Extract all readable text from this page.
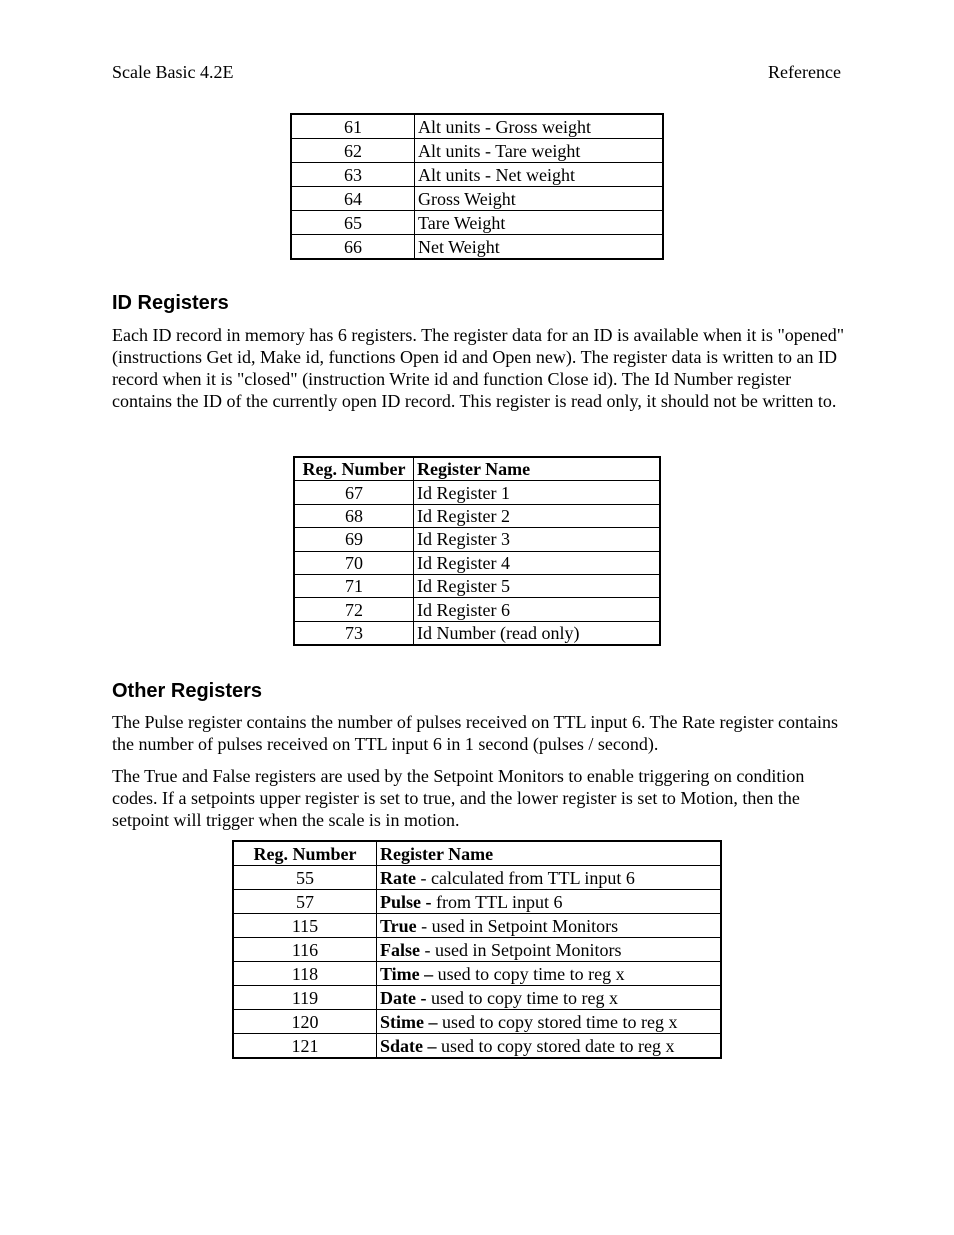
Scale Basic 4.2E	Reference
61	Alt units - Gross weight
62	Alt units - Tare weight
63	Alt units - Net weight
64	Gross Weight
65	Tare Weight
66	Net Weight
ID Registers

Each ID record in memory has 6 registers. The register data for an ID is available when it is "opened" (instructions Get id, Make id, functions Open id and Open new). The register data is written to an ID record when it is "closed" (instruction Write id and function Close id). The Id Number register contains the ID of the currently open ID record. This register is read only, it should not be written to.

Reg. Number	Register Name
67	Id Register 1
68	Id Register 2
69	Id Register 3
70	Id Register 4
71	Id Register 5
72	Id Register 6
73	Id Number (read only)
Other Registers

The Pulse register contains the number of pulses received on TTL input 6. The Rate register contains the number of pulses received on TTL input 6 in 1 second (pulses / second).

The True and False registers are used by the Setpoint Monitors to enable triggering on condition codes. If a setpoints upper register is set to true, and the lower register is set to Motion, then the setpoint will trigger when the scale is in motion.

Reg. Number	Register Name
55	Rate - calculated from TTL input 6
57	Pulse - from TTL input 6
115	True - used in Setpoint Monitors
116	False - used in Setpoint Monitors
118	Time – used to copy time to reg x
119	Date - used to copy time to reg x
120	Stime – used to copy stored time to reg x
121	Sdate – used to copy stored date to reg x
